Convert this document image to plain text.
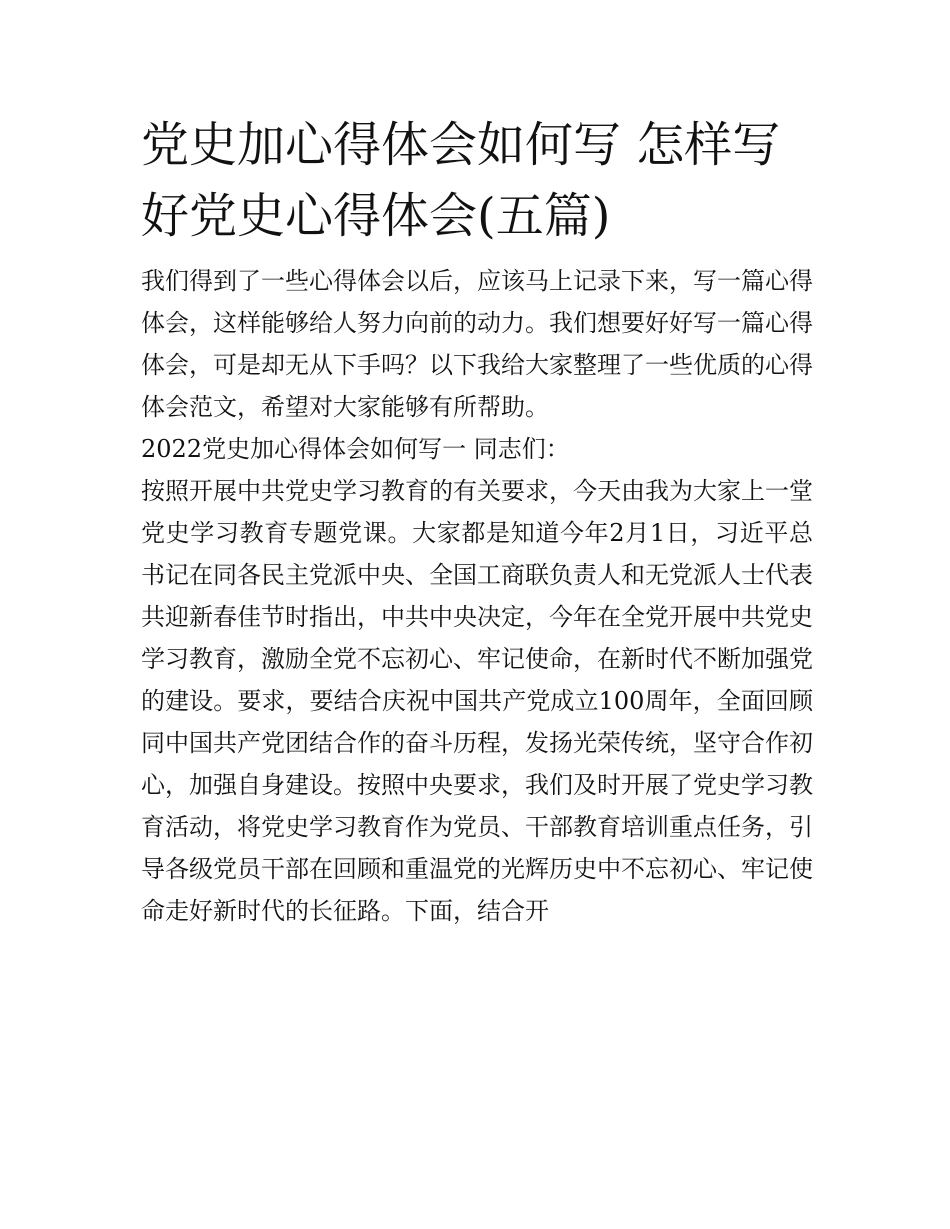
党史加心得体会如何写 怎样写好党史心得体会(五篇)

我们得到了一些心得体会以后，应该马上记录下来，写一篇心得体会，这样能够给人努力向前的动力。我们想要好好写一篇心得体会，可是却无从下手吗？以下我给大家整理了一些优质的心得体会范文，希望对大家能够有所帮助。

2022党史加心得体会如何写一 同志们：

按照开展中共党史学习教育的有关要求，今天由我为大家上一堂党史学习教育专题党课。大家都是知道今年2月1日，习近平总书记在同各民主党派中央、全国工商联负责人和无党派人士代表共迎新春佳节时指出，中共中央决定，今年在全党开展中共党史学习教育，激励全党不忘初心、牢记使命，在新时代不断加强党的建设。要求，要结合庆祝中国共产党成立100周年，全面回顾同中国共产党团结合作的奋斗历程，发扬光荣传统，坚守合作初心，加强自身建设。按照中央要求，我们及时开展了党史学习教育活动，将党史学习教育作为党员、干部教育培训重点任务，引导各级党员干部在回顾和重温党的光辉历史中不忘初心、牢记使命走好新时代的长征路。下面，结合开
